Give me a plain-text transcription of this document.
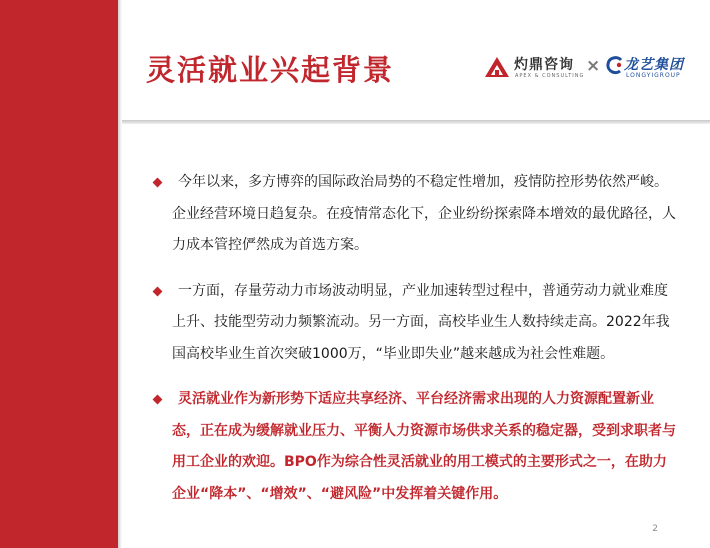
灵活就业兴起背景	灼鼎咨询
APEX & CONSULTING × 龙艺集团
LONGYIGROUP

今年以来，多方博弈的国际政治局势的不稳定性增加，疫情防控形势依然严峻。企业经营环境日趋复杂。在疫情常态化下，企业纷纷探索降本增效的最优路径，人力成本管控俨然成为首选方案。

一方面，存量劳动力市场波动明显，产业加速转型过程中，普通劳动力就业难度上升、技能型劳动力频繁流动。另一方面，高校毕业生人数持续走高。2022年我国高校毕业生首次突破1000万，“毕业即失业”越来越成为社会性难题。

灵活就业作为新形势下适应共享经济、平台经济需求出现的人力资源配置新业态，正在成为缓解就业压力、平衡人力资源市场供求关系的稳定器，受到求职者与用工企业的欢迎。BPO作为综合性灵活就业的用工模式的主要形式之一，在助力企业“降本”、“增效”、“避风险”中发挥着关键作用。

2
